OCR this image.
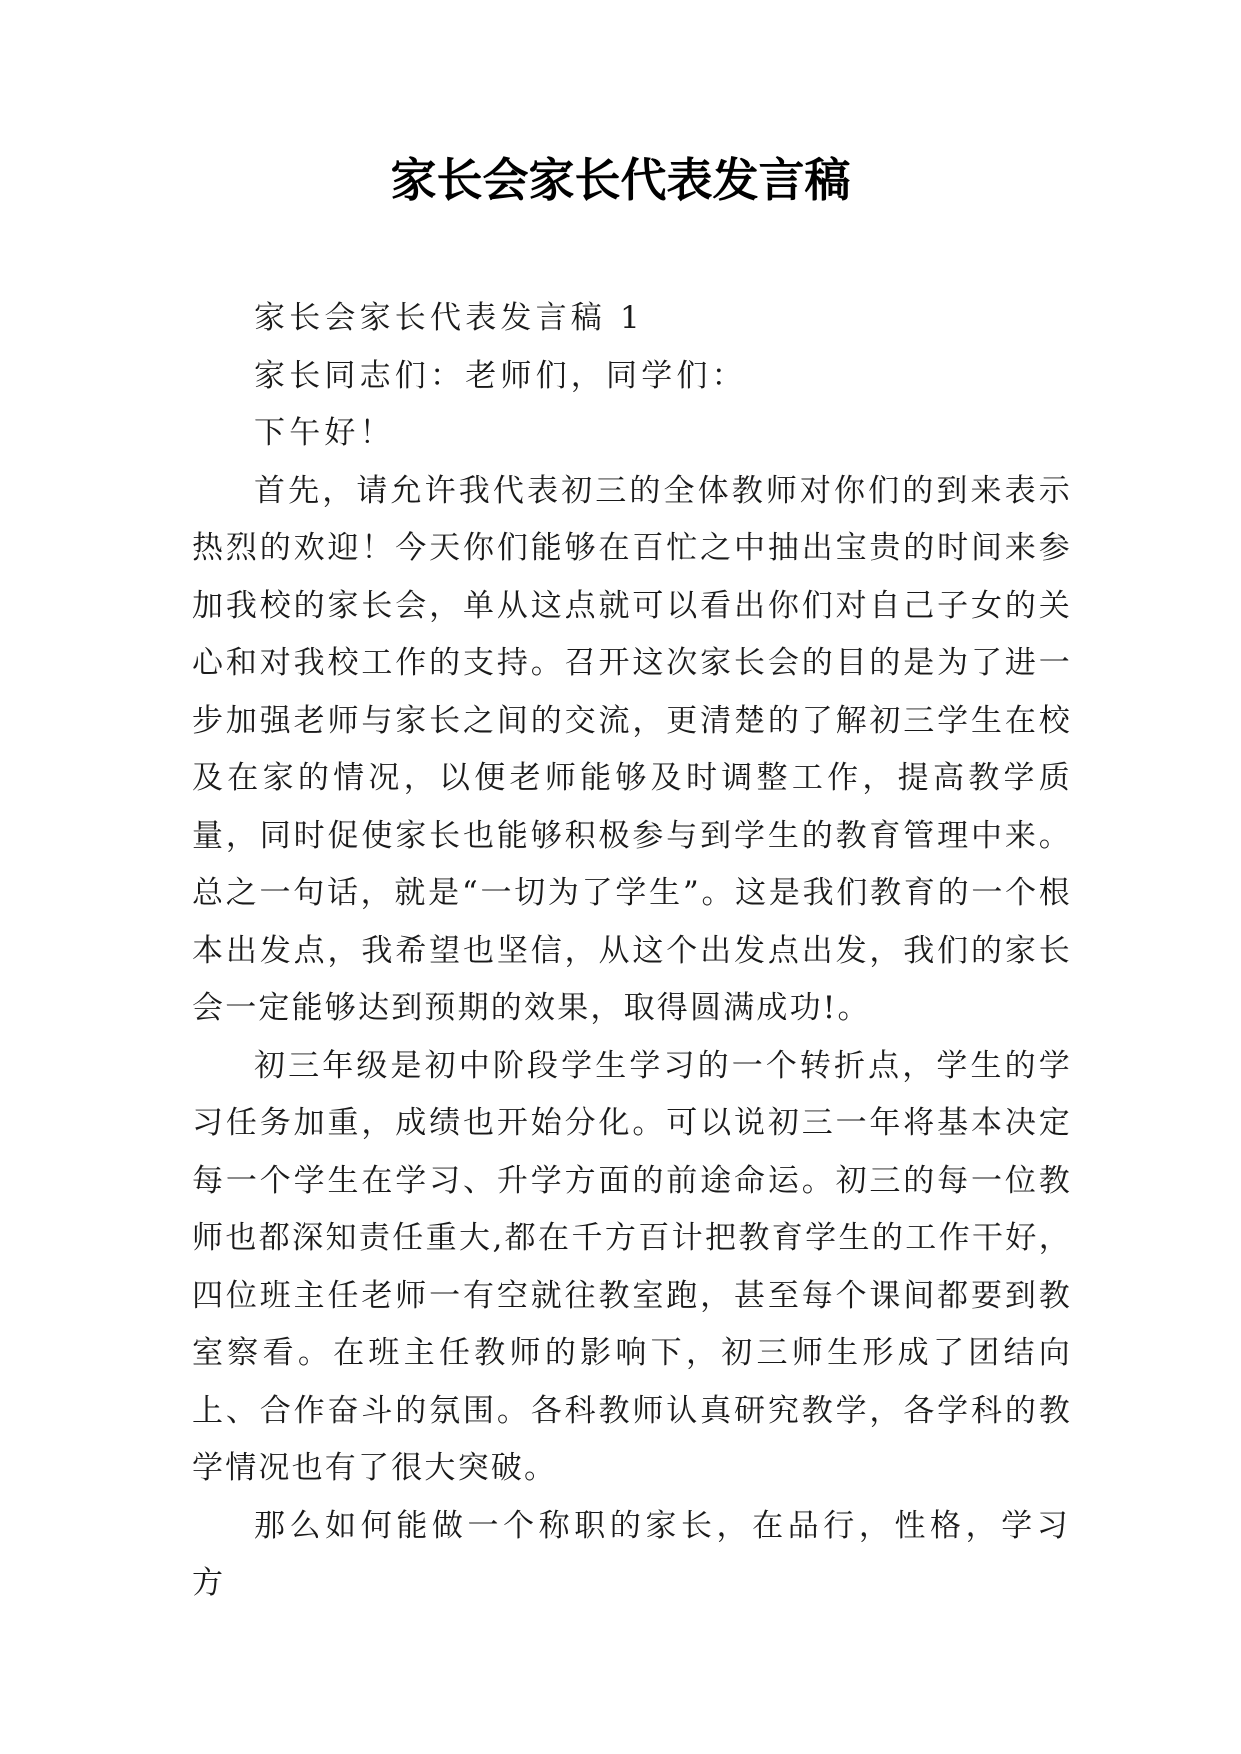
家长会家长代表发言稿

家长会家长代表发言稿 1

家长同志们：老师们，同学们：

下午好！

首先，请允许我代表初三的全体教师对你们的到来表示热烈的欢迎！今天你们能够在百忙之中抽出宝贵的时间来参加我校的家长会，单从这点就可以看出你们对自己子女的关心和对我校工作的支持。召开这次家长会的目的是为了进一步加强老师与家长之间的交流，更清楚的了解初三学生在校及在家的情况，以便老师能够及时调整工作，提高教学质量，同时促使家长也能够积极参与到学生的教育管理中来。总之一句话，就是“一切为了学生”。这是我们教育的一个根本出发点，我希望也坚信，从这个出发点出发，我们的家长会一定能够达到预期的效果，取得圆满成功!。

初三年级是初中阶段学生学习的一个转折点，学生的学习任务加重，成绩也开始分化。可以说初三一年将基本决定每一个学生在学习、升学方面的前途命运。初三的每一位教师也都深知责任重大,都在千方百计把教育学生的工作干好，四位班主任老师一有空就往教室跑，甚至每个课间都要到教室察看。在班主任教师的影响下，初三师生形成了团结向上、合作奋斗的氛围。各科教师认真研究教学，各学科的教学情况也有了很大突破。

那么如何能做一个称职的家长，在品行，性格，学习方
